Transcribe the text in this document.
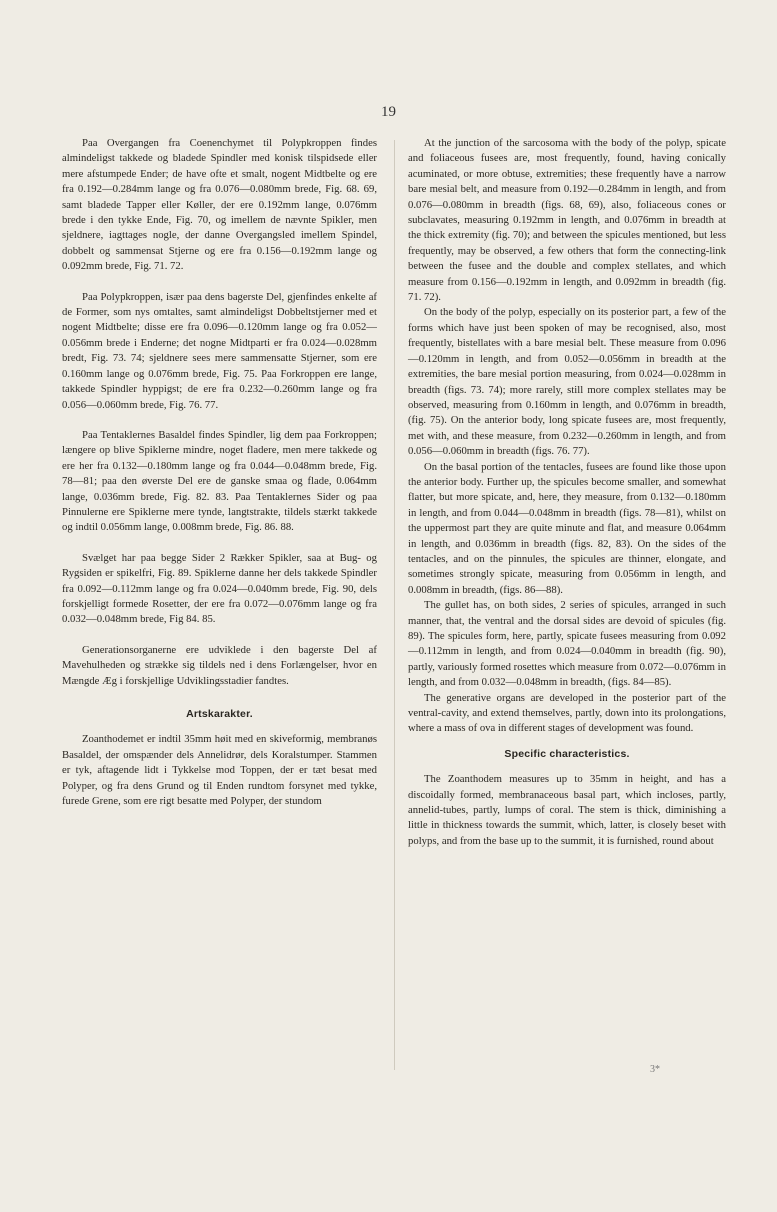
19

Paa Overgangen fra Coenenchymet til Polypkroppen findes almindeligst takkede og bladede Spindler med konisk tilspidsede eller mere afstumpede Ender; de have ofte et smalt, nogent Midtbelte og ere fra 0.192—0.284mm lange og fra 0.076—0.080mm brede, Fig. 68. 69, samt bladede Tapper eller Køller, der ere 0.192mm lange, 0.076mm brede i den tykke Ende, Fig. 70, og imellem de nævnte Spikler, men sjeldnere, iagttages nogle, der danne Overgangsled imellem Spindel, dobbelt og sammensat Stjerne og ere fra 0.156—0.192mm lange og 0.092mm brede, Fig. 71. 72.

Paa Polypkroppen, især paa dens bagerste Del, gjenfindes enkelte af de Former, som nys omtaltes, samt almindeligst Dobbeltstjerner med et nogent Midtbelte; disse ere fra 0.096—0.120mm lange og fra 0.052—0.056mm brede i Enderne; det nogne Midtparti er fra 0.024—0.028mm bredt, Fig. 73. 74; sjeldnere sees mere sammensatte Stjerner, som ere 0.160mm lange og 0.076mm brede, Fig. 75. Paa Forkroppen ere lange, takkede Spindler hyppigst; de ere fra 0.232—0.260mm lange og fra 0.056—0.060mm brede, Fig. 76. 77.

Paa Tentaklernes Basaldel findes Spindler, lig dem paa Forkroppen; længere op blive Spiklerne mindre, noget fladere, men mere takkede og ere her fra 0.132—0.180mm lange og fra 0.044—0.048mm brede, Fig. 78—81; paa den øverste Del ere de ganske smaa og flade, 0.064mm lange, 0.036mm brede, Fig. 82. 83. Paa Tentaklernes Sider og paa Pinnulerne ere Spiklerne mere tynde, langtstrakte, tildels stærkt takkede og indtil 0.056mm lange, 0.008mm brede, Fig. 86. 88.

Svælget har paa begge Sider 2 Rækker Spikler, saa at Bug- og Rygsiden er spikelfri, Fig. 89. Spiklerne danne her dels takkede Spindler fra 0.092—0.112mm lange og fra 0.024—0.040mm brede, Fig. 90, dels forskjelligt formede Rosetter, der ere fra 0.072—0.076mm lange og fra 0.032—0.048mm brede, Fig 84. 85.

Generationsorganerne ere udviklede i den bagerste Del af Mavehulheden og strække sig tildels ned i dens Forlængelser, hvor en Mængde Æg i forskjellige Udviklingsstadier fandtes.

Artskarakter.

Zoanthodemet er indtil 35mm høit med en skiveformig, membranøs Basaldel, der omspænder dels Annelidrør, dels Koralstumper. Stammen er tyk, aftagende lidt i Tykkelse mod Toppen, der er tæt besat med Polyper, og fra dens Grund og til Enden rundtom forsynet med tykke, furede Grene, som ere rigt besatte med Polyper, der stundom

At the junction of the sarcosoma with the body of the polyp, spicate and foliaceous fusees are, most frequently, found, having conically acuminated, or more obtuse, extremities; these frequently have a narrow bare mesial belt, and measure from 0.192—0.284mm in length, and from 0.076—0.080mm in breadth (figs. 68, 69), also, foliaceous cones or subclavates, measuring 0.192mm in length, and 0.076mm in breadth at the thick extremity (fig. 70); and between the spicules mentioned, but less frequently, may be observed, a few others that form the connecting-link between the fusee and the double and complex stellates, and which measure from 0.156—0.192mm in length, and 0.092mm in breadth (fig. 71. 72).

On the body of the polyp, especially on its posterior part, a few of the forms which have just been spoken of may be recognised, also, most frequently, bistellates with a bare mesial belt. These measure from 0.096—0.120mm in length, and from 0.052—0.056mm in breadth at the extremities, the bare mesial portion measuring, from 0.024—0.028mm in breadth (figs. 73. 74); more rarely, still more complex stellates may be observed, measuring from 0.160mm in length, and 0.076mm in breadth, (fig. 75). On the anterior body, long spicate fusees are, most frequently, met with, and these measure, from 0.232—0.260mm in length, and from 0.056—0.060mm in breadth (figs. 76. 77).

On the basal portion of the tentacles, fusees are found like those upon the anterior body. Further up, the spicules become smaller, and somewhat flatter, but more spicate, and, here, they measure, from 0.132—0.180mm in length, and from 0.044—0.048mm in breadth (figs. 78—81), whilst on the uppermost part they are quite minute and flat, and measure 0.064mm in length, and 0.036mm in breadth (figs. 82, 83). On the sides of the tentacles, and on the pinnules, the spicules are thinner, elongate, and sometimes strongly spicate, measuring from 0.056mm in length, and 0.008mm in breadth, (figs. 86—88).

The gullet has, on both sides, 2 series of spicules, arranged in such manner, that, the ventral and the dorsal sides are devoid of spicules (fig. 89). The spicules form, here, partly, spicate fusees measuring from 0.092—0.112mm in length, and from 0.024—0.040mm in breadth (fig. 90), partly, variously formed rosettes which measure from 0.072—0.076mm in length, and from 0.032—0.048mm in breadth, (figs. 84—85).

The generative organs are developed in the posterior part of the ventral-cavity, and extend themselves, partly, down into its prolongations, where a mass of ova in different stages of development was found.

Specific characteristics.

The Zoanthodem measures up to 35mm in height, and has a discoidally formed, membranaceous basal part, which incloses, partly, annelid-tubes, partly, lumps of coral. The stem is thick, diminishing a little in thickness towards the summit, which, latter, is closely beset with polyps, and from the base up to the summit, it is furnished, round about

3*
